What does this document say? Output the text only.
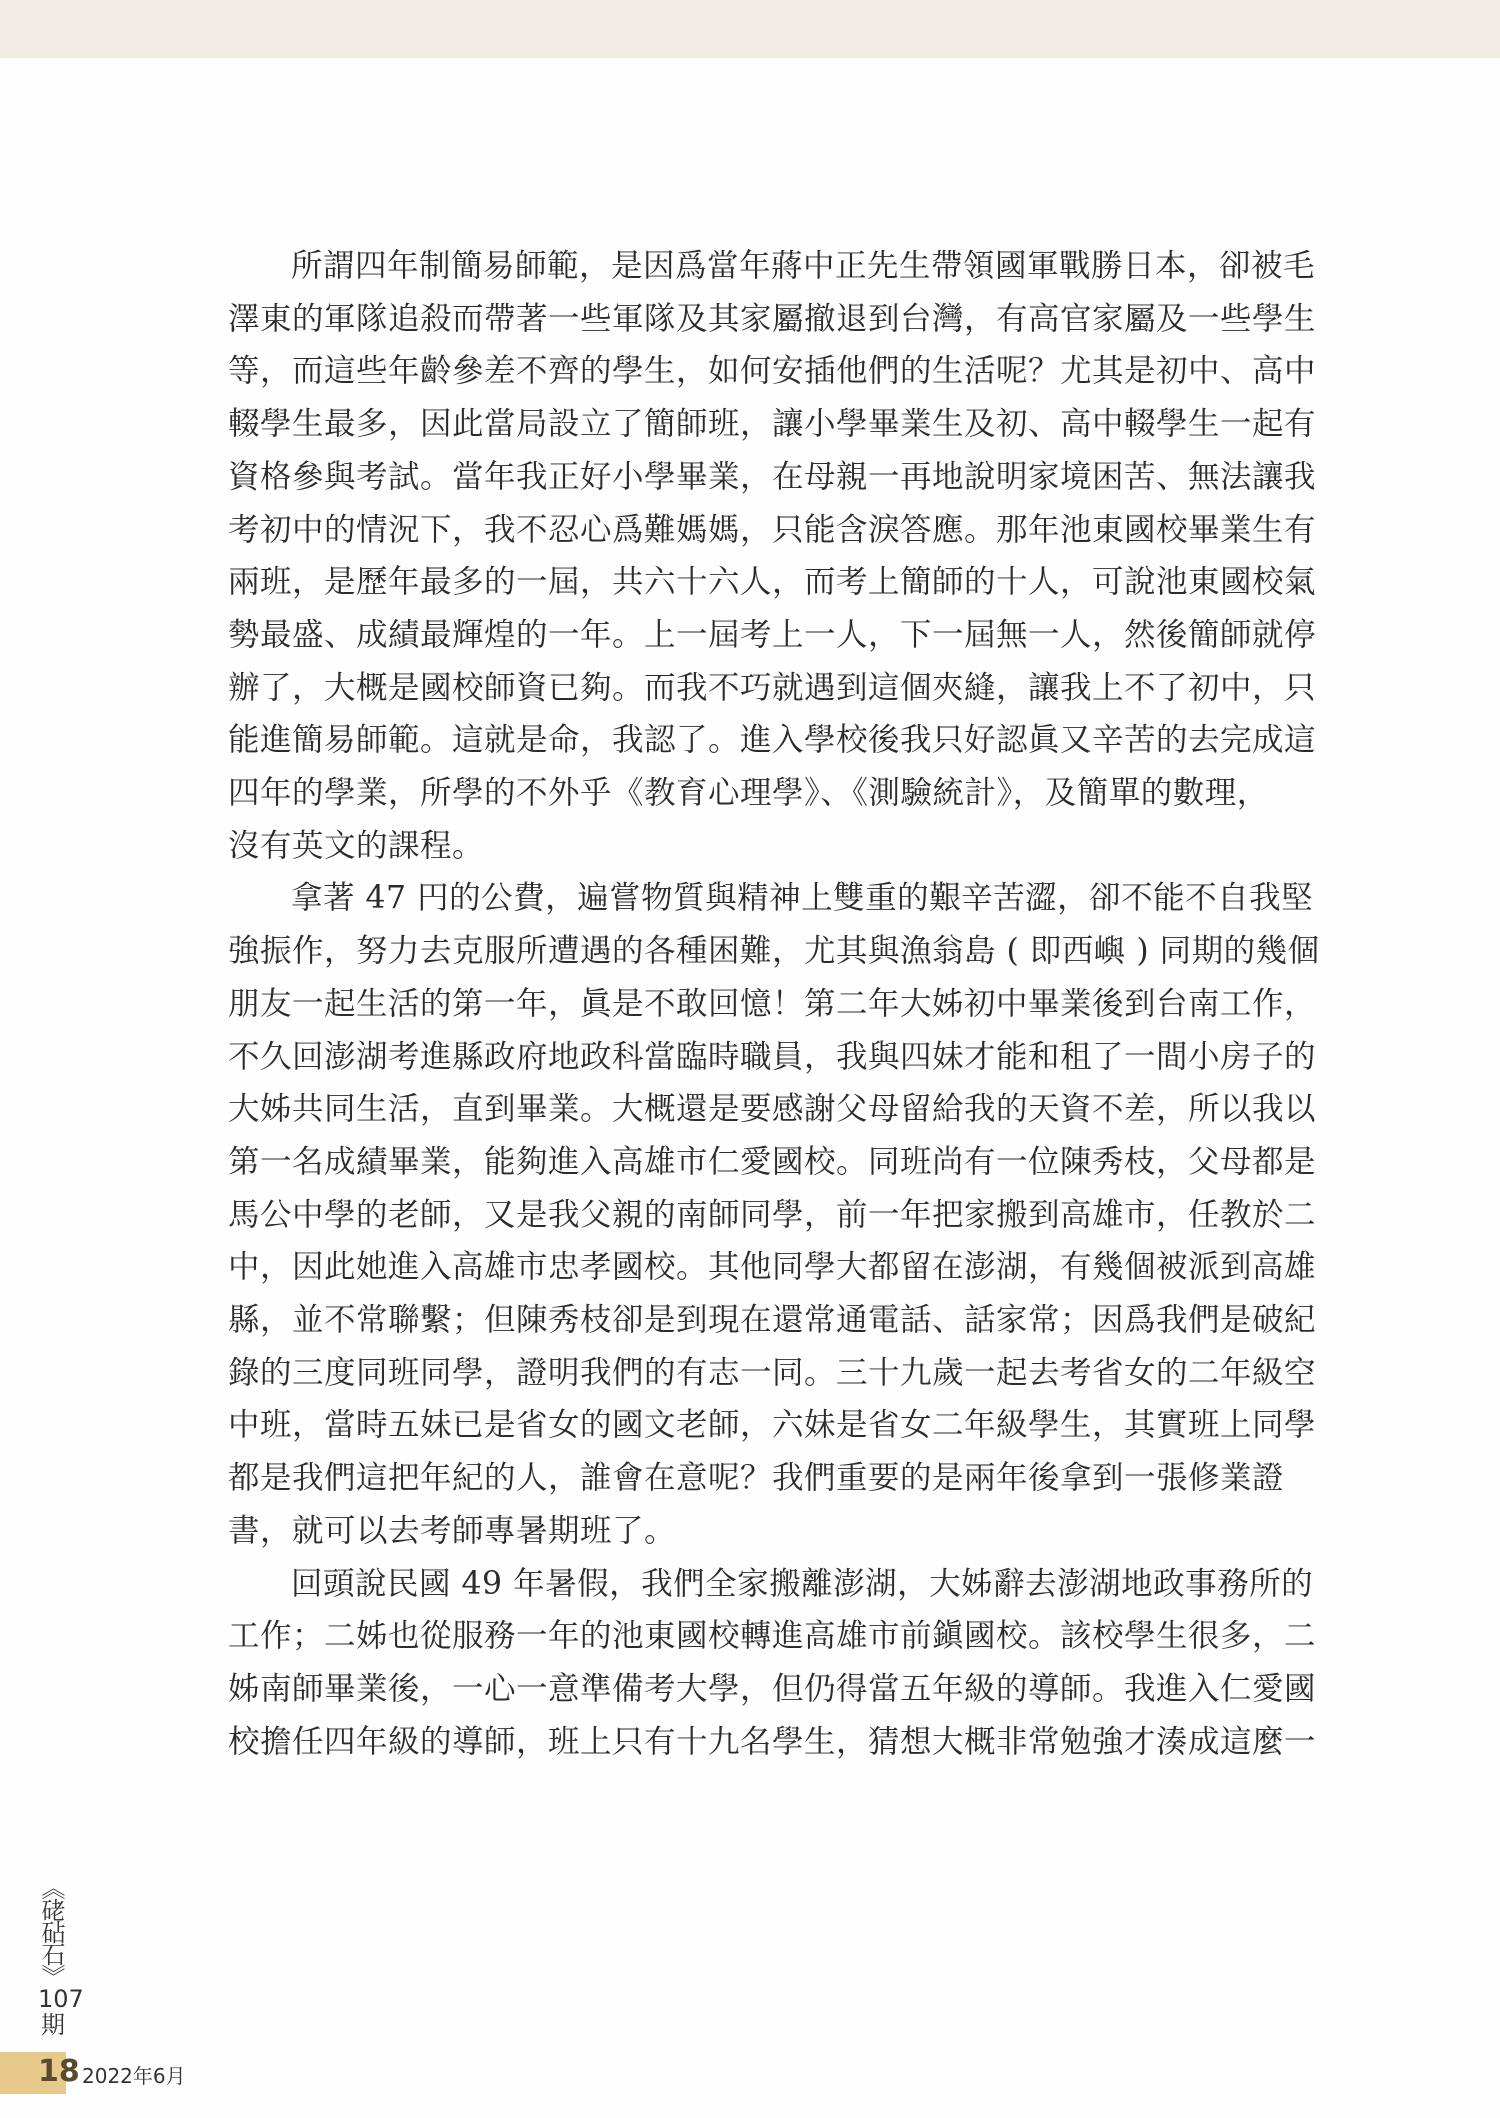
所謂四年制簡易師範，是因爲當年蔣中正先生帶領國軍戰勝日本，卻被毛
澤東的軍隊追殺而帶著一些軍隊及其家屬撤退到台灣，有高官家屬及一些學生
等，而這些年齡參差不齊的學生，如何安插他們的生活呢？尤其是初中、高中
輟學生最多，因此當局設立了簡師班，讓小學畢業生及初、高中輟學生一起有
資格參與考試。當年我正好小學畢業，在母親一再地說明家境困苦、無法讓我
考初中的情況下，我不忍心爲難媽媽，只能含淚答應。那年池東國校畢業生有
兩班，是歷年最多的一屆，共六十六人，而考上簡師的十人，可說池東國校氣
勢最盛、成績最輝煌的一年。上一屆考上一人，下一屆無一人，然後簡師就停
辦了，大概是國校師資已夠。而我不巧就遇到這個夾縫，讓我上不了初中，只
能進簡易師範。這就是命，我認了。進入學校後我只好認眞又辛苦的去完成這
四年的學業，所學的不外乎《教育心理學》、《測驗統計》，及簡單的數理，
沒有英文的課程。

拿著 47 円的公費，遍嘗物質與精神上雙重的艱辛苦澀，卻不能不自我堅
強振作，努力去克服所遭遇的各種困難，尤其與漁翁島 ( 即西嶼 ) 同期的幾個
朋友一起生活的第一年，眞是不敢回憶！第二年大姊初中畢業後到台南工作，
不久回澎湖考進縣政府地政科當臨時職員，我與四妹才能和租了一間小房子的
大姊共同生活，直到畢業。大概還是要感謝父母留給我的天資不差，所以我以
第一名成績畢業，能夠進入高雄市仁愛國校。同班尚有一位陳秀枝，父母都是
馬公中學的老師，又是我父親的南師同學，前一年把家搬到高雄市，任教於二
中，因此她進入高雄市忠孝國校。其他同學大都留在澎湖，有幾個被派到高雄
縣，並不常聯繫；但陳秀枝卻是到現在還常通電話、話家常；因爲我們是破紀
錄的三度同班同學，證明我們的有志一同。三十九歲一起去考省女的二年級空
中班，當時五妹已是省女的國文老師，六妹是省女二年級學生，其實班上同學
都是我們這把年紀的人，誰會在意呢？我們重要的是兩年後拿到一張修業證
書，就可以去考師專暑期班了。

回頭說民國 49 年暑假，我們全家搬離澎湖，大姊辭去澎湖地政事務所的
工作；二姊也從服務一年的池東國校轉進高雄市前鎭國校。該校學生很多，二
姊南師畢業後，一心一意準備考大學，但仍得當五年級的導師。我進入仁愛國
校擔任四年級的導師，班上只有十九名學生，猜想大概非常勉強才湊成這麼一

《硓砧石》
107
期
18 2022年6月
